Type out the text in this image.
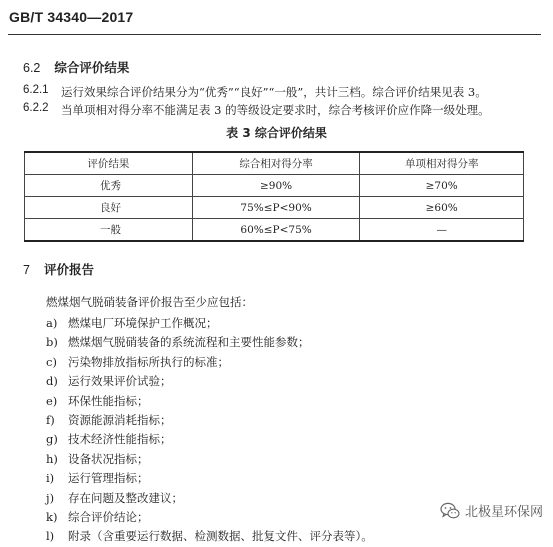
GB/T 34340—2017
6.2 综合评价结果
6.2.1	运行效果综合评价结果分为“优秀”“良好”“一般”，共计三档。综合评价结果见表 3。
6.2.2	当单项相对得分率不能满足表 3 的等级设定要求时，综合考核评价应作降一级处理。
表 3 综合评价结果
评价结果	综合相对得分率	单项相对得分率
优秀	≥90%	≥70%
良好	75%≤P<90%	≥60%
一般	60%≤P<75%	—
7 评价报告
燃煤烟气脱硝装备评价报告至少应包括：
a) 燃煤电厂环境保护工作概况；
b) 燃煤烟气脱硝装备的系统流程和主要性能参数；
c) 污染物排放指标所执行的标准；
d) 运行效果评价试验；
e) 环保性能指标；
f)	资源能源消耗指标；
g) 技术经济性能指标；
h) 设备状况指标；
i)	运行管理指标；
j)	存在问题及整改建议；
k) 综合评价结论；
l)	附录（含重要运行数据、检测数据、批复文件、评分表等）。
北极星环保网
